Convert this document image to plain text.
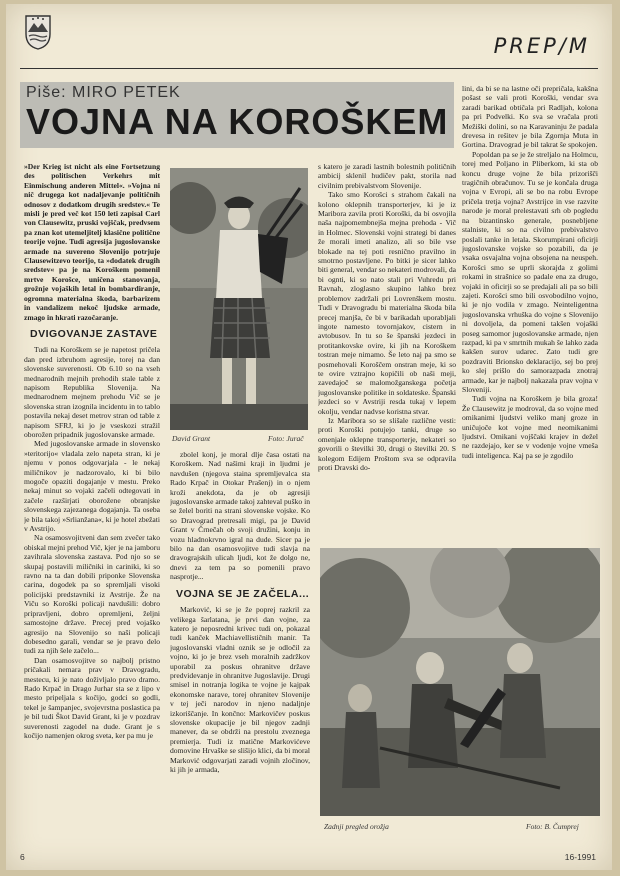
PREP/M
Piše: MIRO PETEK
VOJNA NA KOROŠKEM

»Der Krieg ist nicht als eine Fortsetzung des politischen Verkehrs mit Einmischung anderen Mittel«. »Vojna ni nič drugega kot nadaljevanje političnih odnosov z dodatkom drugih sredstev.« Te misli je pred več kot 150 leti zapisal Carl von Clausewitz, pruski vojščak, predvsem pa znan kot utemeljitelj klasične politične teorije vojne. Tudi agresija jugoslovanske armade na suvereno Slovenijo potrjuje Clausewitzevo teorijo, ta »dodatek drugih sredstev« pa je na Koroškem pomenil mrtve Korošce, uničena stanovanja, grožnje vojaških letal in bombardiranje, ogromna materialna škoda, barbarizem in vandalizem nekoč ljudske armade, zmago in hkrati razočaranje.

DVIGOVANJE ZASTAVE

Tudi na Koroškem se je napetost pričela dan pred izbruhom agresije, torej na dan slovenske suverenosti. Ob 6.10 so na vseh mednarodnih mejnih prehodih stale table z napisom Republika Slovenija. Na mednarodnem mejnem prehodu Vič se je slovenska stran izognila incidentu in to tablo postavila nekaj deset metrov stran od table z napisom SFRJ, ki jo je vseskozi stražil oborožen pripadnik jugoslovanske armade.

Med jugoslovanske armade in slovensko »teritorijo« vladala zelo napeta stran, ki je njemu v ponos odgovarjala - le nekaj miličnikov je nadzorovalo, ki bi bilo mogoče opaziti dogajanje v mestu. Preko nekaj minut so vojaki začeli odtegovati in začele razširjati oborožene obranjske slovenskega zajezanega dogajanja. Ta oseba je bila takoj »Srlianžana«, ki je hotel zbežati v Avstrijo.

Na osamosvojitveni dan sem zvečer tako obiskal mejni prehod Vič, kjer je na jamboru zavihrala slovenska zastava. Pod njo so se skupaj postavili miličniki in cariniki, ki so ravno na ta dan dobili priponke Slovenska carina, dogodek pa so spremljali visoki policijski predstavniki iz Avstrije. Že na Viču so Koroški policaji navdušili: dobro pripravljeni, dobro opremljeni, željni samostojne države. Precej pred vojaško agresijo na Slovenijo so naši policaji dobesedno garali, vendar se je pravo delo tudi za njih šele začelo...

Dan osamosvojitve so najbolj pristno pričakali nemara prav v Dravogradu, mestecu, ki je nato doživljalo pravo dramo. Rado Krpač in Drago Jurhar sta se z lipo v mesto pripeljala s kočijo, godci so godli, tekel je šampanjec, svojevrstna poslastica pa je bil tudi Škot David Grant, ki je v pozdrav suverenosti zagodel na dude. Grant je s kočijo namenjen okrog sveta, ker pa mu je

David Grant	Foto: Jurač

zbolel konj, je moral dlje časa ostati na Koroškem. Nad našimi kraji in ljudmi je navdušen (njegova staina spremljevalca sta Rado Krpač in Otokar Prašenj) in o njem kroži anekdota, da je ob agresiji jugoslovanske armade takoj zahteval puško in se želel boriti na strani slovenske vojske. Ko so Dravograd pretresali migi, pa je David Grant v Črnečah ob svoji družini, konju in vozu hladnokrvno igral na dude. Sicer pa je bilo na dan osamosvojitve tudi slavja na dravograjskih ulicah ljudi, kot že dolgo ne, dnevi za tem pa so pomenili pravo nasprotje...

VOJNA SE JE ZAČELA...

Marković, ki se je že poprej razkril za velikega šarlatana, je prvi dan vojne, za katero je neposredni krivec tudi on, pokazal tudi kanček Machiavellističnih manir. Ta jugoslovanski vladni oznik se je odločil za vojno, ki jo je brez vseh moralnih zadržkov uporabil za poskus ohranitve države predvidevanje in ohranitve Jugoslavije. Drugi smisel in notranja logika te vojne je kajpak ekonomske narave, torej ohranitev Slovenije v tej ječi narodov in njeno nadaljnje izkoriščanje. In končno: Markovičev poskus slovenske okupacije je bil njegov zadnji manever, da se obdrži na prestolu zveznega premierja. Tudi iz matične Markovićeve domovine Hrvaške se slišijo klici, da bi moral Marković odgovarjati zaradi vojnih zločinov, ki jih je armada,

s katero je zaradi lastnih bolestnih političnih ambicij sklenil hudičev pakt, storila nad civilnim prebivalstvom Slovenije.

Tako smo Korošci s strahom čakali na kolono oklepnih transporterjev, ki je iz Maribora zavila proti Koroški, da bi osvojila naša najpomembnejša mejna prehoda - Vič in Holmec. Slovenski vojni strategi bi danes že morali imeti analizo, ali so bile vse blokade na tej poti resnično pravilno in smotrno postavljene. Po bitki je sicer lahko biti general, vendar so nekateri modrovali, da bi ognti, ki so nato stali pri Vuhredu pri Ravnah, zloglasno skupino lahko brez problemov zadržali pri Lovrenškem mostu. Tudi v Dravogradu bi materialna škoda bila precej manjša, če bi v barikadah uporabljali ingote namesto tovornjakov, cistern in avtobusov. In tu so še španski jezdeci in protitankovske ovire, ki jih na Koroškem tostran meje nimamo. Še leto naj pa smo se posmehovali Koroščem onstran meje, ki so te ovire vztrajno kopičili ob naši meji, zavedajoč se malomožganskega početja jugoslovanske politike in soldateske. Španski jezdeci so v Avstriji resda tukaj v lepem okolju, vendar nadvse koristna stvar.

Iz Maribora so se slišale različne vesti: proti Koroški potujejo tanki, druge so omenjale oklepne transporterje, nekateri so govorili o številki 30, drugi o številki 20. S kolegom Edijem Proštom sva se odpravila proti Dravski do-

lini, da bi se na lastne oči prepričala, kakšna pošast se vali proti Koroški, vendar sva zaradi barikad obtičala pri Radljah, kolona pa pri Podvelki. Ko sva se vračala proti Mežiški dolini, so na Karavaninju že padala drevesa in rešitev je bila Zgornja Muta in Gortina. Dravograd je bil takrat še spokojen.

Popoldan pa se je že streljalo na Holmcu, torej med Poljano in Pliberkom, ki sta ob koncu druge vojne že bila prizorišči tragičnih obračunov. Tu se je končala druga vojna v Evropi, ali se bo na robu Evrope pričela tretja vojna? Avstrijce in vse razvite narode je moral prelestavati srh ob pogledu na bizantinsko generale, posnebljene stalniste, ki so na civilno prebivalstvo poslali tanke in letala. Skorumpirani oficirji jugoslovanske vojske so pozabili, da je vsaka osvajalna vojna obsojena na neuspeh. Korošci smo se uprli skorajda z golimi rokami in strašnice so padale ena za drugo, vojaki in oficirji so se predajali ali pa so bili zajeti. Korošci smo bili osvobodilno vojno, ki je njo vodila v zmago. Neinteligentna jugoslovanska vrhuška do vojne s Slovenijo ni dovoljela, da pomeni takšen vojaški poseg samomor jugoslovanske armade, njen razpad, ki pa v smrtnih mukah še lahko zada kakšen surov udarec. Zato tudi gre pozdraviti Brionsko deklaracijo, sej bo prej ko slej prišlo do samorazpada znotraj armade, kar je najbolj nakazala prav vojna v Sloveniji.

Tudi vojna na Koroškem je bila groza! Že Clausewitz je modroval, da so vojne med omikanimi ljudstvi veliko manj groze in uničujoče kot vojne med neomikanimi ljudstvi. Omikani vojščaki krajev in dežel ne razdejajo, ker se v vodenje vojne vmeša tudi inteligenca. Kaj pa se je zgodilo

Zadnji pregled orožja	Foto: B. Čumprej
6	16-1991
